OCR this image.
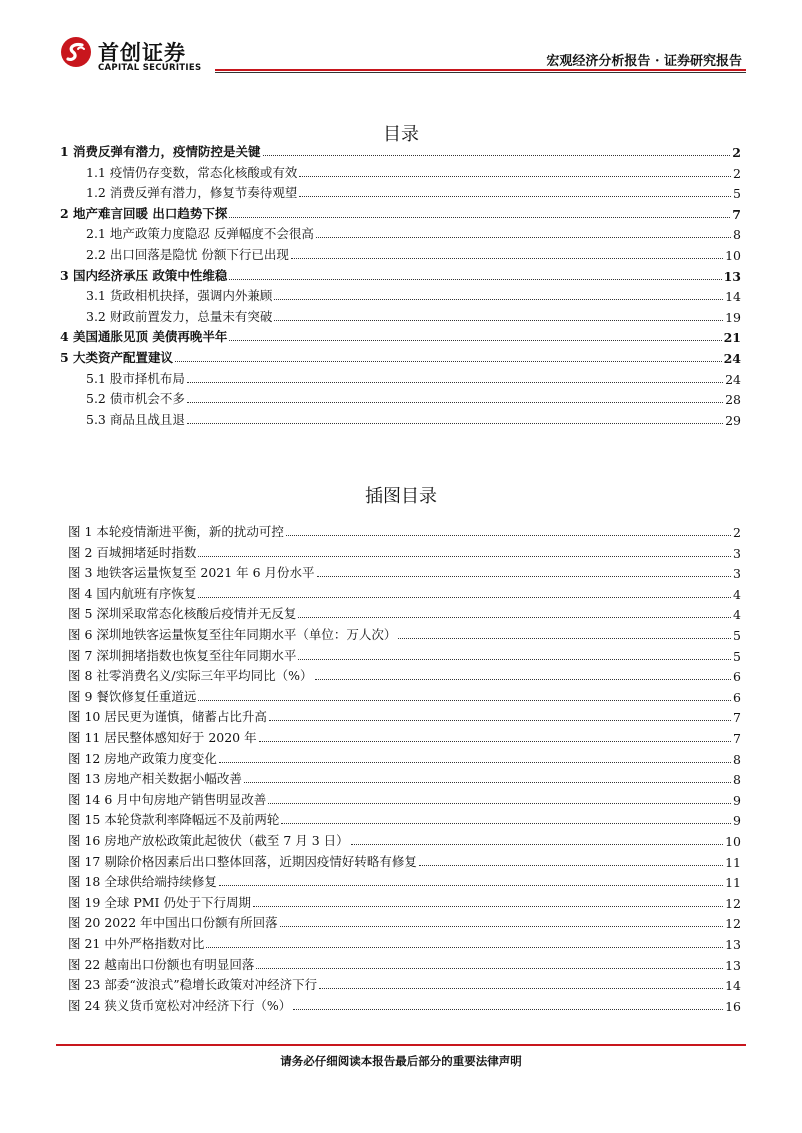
首创证券
CAPITAL SECURITIES	宏观经济分析报告 · 证券研究报告
目录
1 消费反弹有潜力，疫情防控是关键	2
1.1 疫情仍存变数，常态化核酸或有效	2
1.2 消费反弹有潜力，修复节奏待观望	5
2 地产难言回暖 出口趋势下探	7
2.1 地产政策力度隐忍 反弹幅度不会很高	8
2.2 出口回落是隐忧 份额下行已出现	10
3 国内经济承压 政策中性维稳	13
3.1 货政相机抉择，强调内外兼顾	14
3.2 财政前置发力，总量未有突破	19
4 美国通胀见顶 美债再晚半年	21
5 大类资产配置建议	24
5.1 股市择机布局	24
5.2 债市机会不多	28
5.3 商品且战且退	29
插图目录
图 1 本轮疫情渐进平衡，新的扰动可控	2
图 2 百城拥堵延时指数	3
图 3 地铁客运量恢复至 2021 年 6 月份水平	3
图 4 国内航班有序恢复	4
图 5 深圳采取常态化核酸后疫情并无反复	4
图 6 深圳地铁客运量恢复至往年同期水平（单位：万人次）	5
图 7 深圳拥堵指数也恢复至往年同期水平	5
图 8 社零消费名义/实际三年平均同比（%）	6
图 9 餐饮修复任重道远	6
图 10 居民更为谨慎，储蓄占比升高	7
图 11 居民整体感知好于 2020 年	7
图 12 房地产政策力度变化	8
图 13 房地产相关数据小幅改善	8
图 14 6 月中旬房地产销售明显改善	9
图 15 本轮贷款利率降幅远不及前两轮	9
图 16 房地产放松政策此起彼伏（截至 7 月 3 日）	10
图 17 剔除价格因素后出口整体回落，近期因疫情好转略有修复	11
图 18 全球供给端持续修复	11
图 19 全球 PMI 仍处于下行周期	12
图 20 2022 年中国出口份额有所回落	12
图 21 中外严格指数对比	13
图 22 越南出口份额也有明显回落	13
图 23 部委“波浪式”稳增长政策对冲经济下行	14
图 24 狭义货币宽松对冲经济下行（%）	16
请务必仔细阅读本报告最后部分的重要法律声明
